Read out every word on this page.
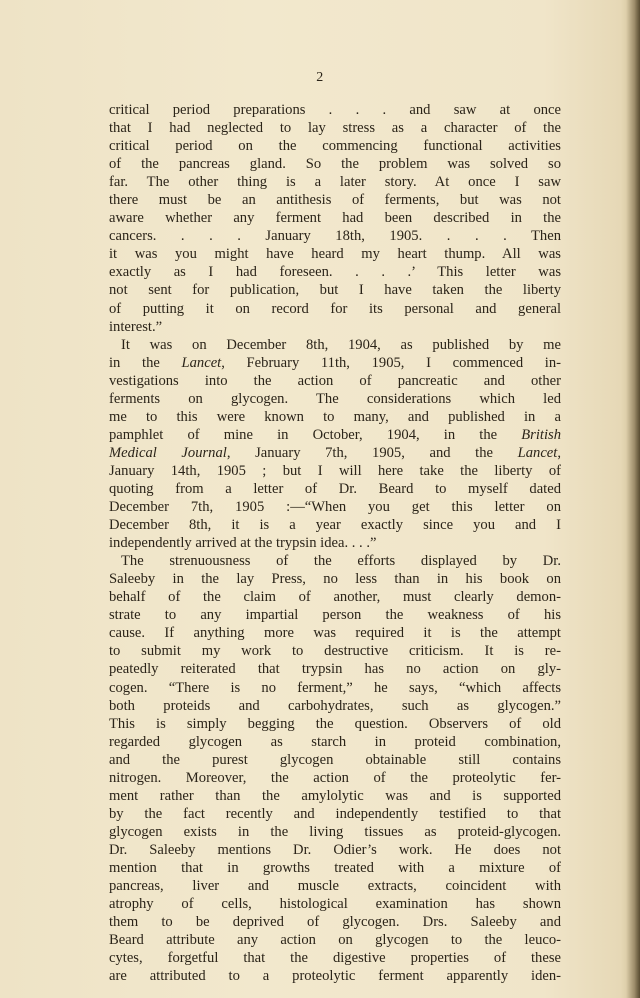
2
critical period preparations . . . and saw at once
that I had neglected to lay stress as a character of the
critical period on the commencing functional activities
of the pancreas gland. So the problem was solved so
far. The other thing is a later story. At once I saw
there must be an antithesis of ferments, but was not
aware whether any ferment had been described in the
cancers. . . . January 18th, 1905. . . . Then
it was you might have heard my heart thump. All was
exactly as I had foreseen. . . .’ This letter was
not sent for publication, but I have taken the liberty
of putting it on record for its personal and general
interest.”
It was on December 8th, 1904, as published by me
in the Lancet, February 11th, 1905, I commenced in-
vestigations into the action of pancreatic and other
ferments on glycogen. The considerations which led
me to this were known to many, and published in a
pamphlet of mine in October, 1904, in the British
Medical Journal, January 7th, 1905, and the Lancet,
January 14th, 1905 ; but I will here take the liberty of
quoting from a letter of Dr. Beard to myself dated
December 7th, 1905 :—“When you get this letter on
December 8th, it is a year exactly since you and I
independently arrived at the trypsin idea. . . .”
The strenuousness of the efforts displayed by Dr.
Saleeby in the lay Press, no less than in his book on
behalf of the claim of another, must clearly demon-
strate to any impartial person the weakness of his
cause. If anything more was required it is the attempt
to submit my work to destructive criticism. It is re-
peatedly reiterated that trypsin has no action on gly-
cogen. “There is no ferment,” he says, “which affects
both proteids and carbohydrates, such as glycogen.”
This is simply begging the question. Observers of old
regarded glycogen as starch in proteid combination,
and the purest glycogen obtainable still contains
nitrogen. Moreover, the action of the proteolytic fer-
ment rather than the amylolytic was and is supported
by the fact recently and independently testified to that
glycogen exists in the living tissues as proteid-glycogen.
Dr. Saleeby mentions Dr. Odier’s work. He does not
mention that in growths treated with a mixture of
pancreas, liver and muscle extracts, coincident with
atrophy of cells, histological examination has shown
them to be deprived of glycogen. Drs. Saleeby and
Beard attribute any action on glycogen to the leuco-
cytes, forgetful that the digestive properties of these
are attributed to a proteolytic ferment apparently iden-
